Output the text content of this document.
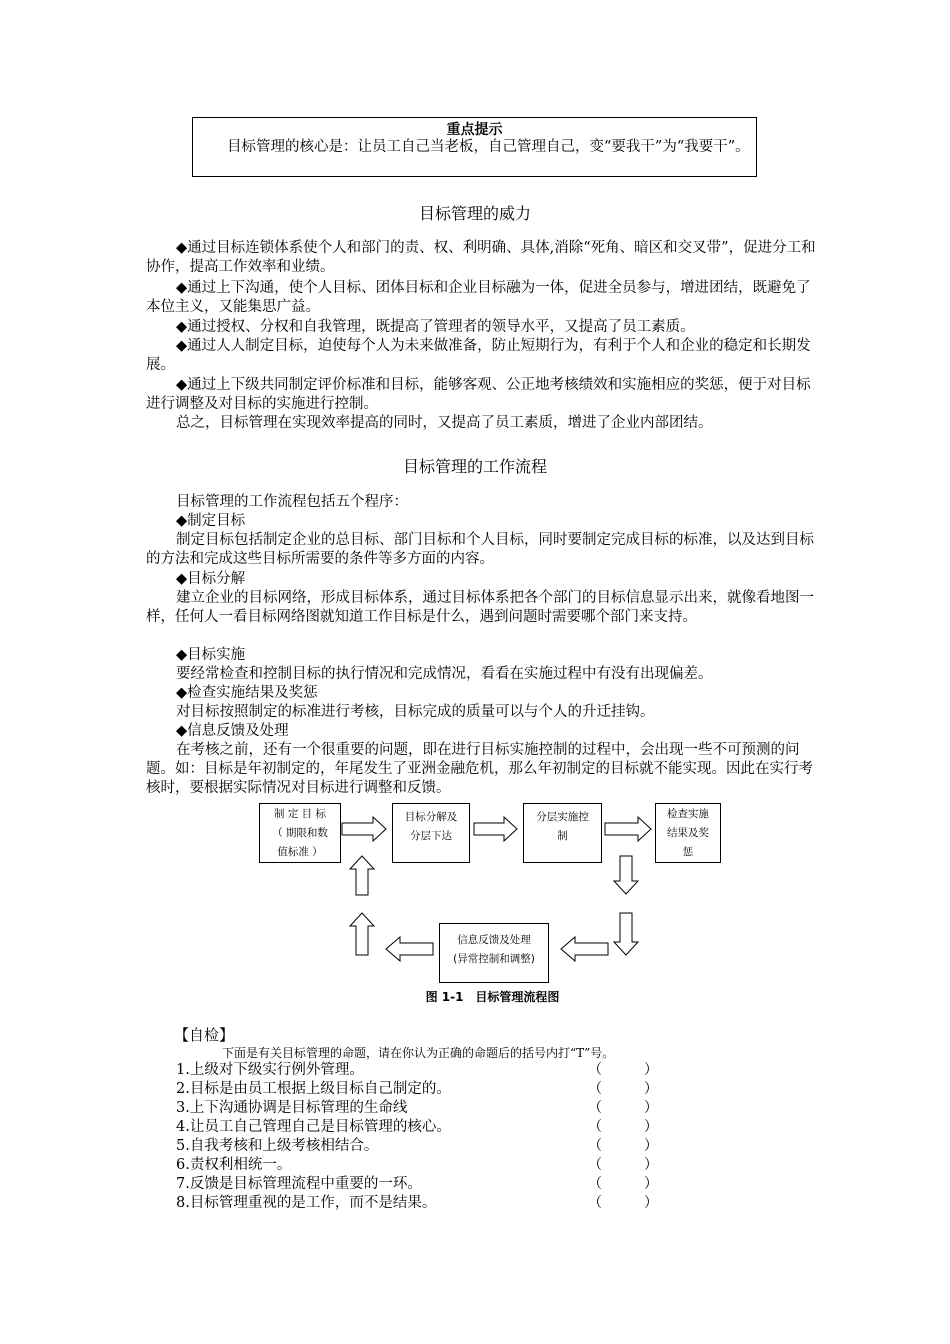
重点提示
目标管理的核心是：让员工自己当老板，自己管理自己，变“要我干”为“我要干”。
目标管理的威力
◆通过目标连锁体系使个人和部门的责、权、利明确、具体,消除“死角、暗区和交叉带”，促进分工和协作，提高工作效率和业绩。
◆通过上下沟通，使个人目标、团体目标和企业目标融为一体，促进全员参与，增进团结，既避免了本位主义，又能集思广益。
◆通过授权、分权和自我管理，既提高了管理者的领导水平，又提高了员工素质。
◆通过人人制定目标，迫使每个人为未来做准备，防止短期行为，有利于个人和企业的稳定和长期发展。
◆通过上下级共同制定评价标准和目标，能够客观、公正地考核绩效和实施相应的奖惩，便于对目标进行调整及对目标的实施进行控制。
总之，目标管理在实现效率提高的同时，又提高了员工素质，增进了企业内部团结。
目标管理的工作流程
目标管理的工作流程包括五个程序：
◆制定目标
制定目标包括制定企业的总目标、部门目标和个人目标，同时要制定完成目标的标准，以及达到目标的方法和完成这些目标所需要的条件等多方面的内容。
◆目标分解
建立企业的目标网络，形成目标体系，通过目标体系把各个部门的目标信息显示出来，就像看地图一样，任何人一看目标网络图就知道工作目标是什么，遇到问题时需要哪个部门来支持。
◆目标实施
要经常检查和控制目标的执行情况和完成情况，看看在实施过程中有没有出现偏差。
◆检查实施结果及奖惩
对目标按照制定的标准进行考核，目标完成的质量可以与个人的升迁挂钩。
◆信息反馈及处理
在考核之前，还有一个很重要的问题，即在进行目标实施控制的过程中，会出现一些不可预测的问题。如：目标是年初制定的，年尾发生了亚洲金融危机，那么年初制定的目标就不能实现。因此在实行考核时，要根据实际情况对目标进行调整和反馈。
制 定 目 标
（ 期限和数
值标准 ）
目标分解及
分层下达
分层实施控
制
检查实施
结果及奖
惩
信息反馈及处理
(异常控制和调整)
图 1-1　目标管理流程图
【自检】
下面是有关目标管理的命题，请在你认为正确的命题后的括号内打“T”号。
1.上级对下级实行例外管理。	（　　　）
2.目标是由员工根据上级目标自己制定的。	（　　　）
3.上下沟通协调是目标管理的生命线	（　　　）
4.让员工自己管理自己是目标管理的核心。	（　　　）
5.自我考核和上级考核相结合。	（　　　）
6.责权利相统一。	（　　　）
7.反馈是目标管理流程中重要的一环。	（　　　）
8.目标管理重视的是工作，而不是结果。	（　　　）
